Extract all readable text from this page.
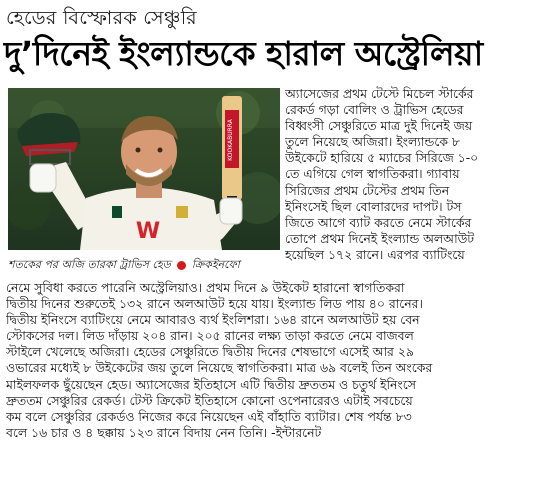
হেডের বিস্ফোরক সেঞ্চুরি
দু’দিনেই ইংল্যান্ডকে হারাল অস্ট্রেলিয়া
KOOKABURRA
W
শতকের পর অজি তারকা ট্রাভিস হেড ক্রিকইনফো
অ্যাসেজের প্রথম টেস্টে মিচেল স্টার্কের
রেকর্ড গড়া বোলিং ও ট্রাভিস হেডের
বিধ্বংসী সেঞ্চুরিতে মাত্র দুই দিনেই জয়
তুলে নিয়েছে অজিরা। ইংল্যান্ডকে ৮
উইকেটে হারিয়ে ৫ ম্যাচের সিরিজে ১-০
তে এগিয়ে গেল স্বাগতিকরা। গ্যাবায়
সিরিজের প্রথম টেস্টের প্রথম তিন
ইনিংসেই ছিল বোলারদের দাপট। টস
জিতে আগে ব্যাট করতে নেমে স্টার্কের
তোপে প্রথম দিনেই ইংল্যান্ড অলআউট
হয়েছিল ১৭২ রানে। এরপর ব্যাটিংয়ে
নেমে সুবিধা করতে পারেনি অস্ট্রেলিয়াও। প্রথম দিনে ৯ উইকেট হারানো স্বাগতিকরা
দ্বিতীয় দিনের শুরুতেই ১৩২ রানে অলআউট হয়ে যায়। ইংল্যান্ড লিড পায় ৪০ রানের।
দ্বিতীয় ইনিংসে ব্যাটিংয়ে নেমে আবারও ব্যর্থ ইংলিশরা। ১৬৪ রানে অলআউট হয় বেন
স্টোকসের দল। লিড দাঁড়ায় ২০৪ রান। ২০৫ রানের লক্ষ্য তাড়া করতে নেমে বাজবল
স্টাইলে খেলেছে অজিরা। হেডের সেঞ্চুরিতে দ্বিতীয় দিনের শেষভাগে এসেই আর ২৯
ওভারের মধ্যেই ৮ উইকেটের জয় তুলে নিয়েছে স্বাগতিকরা। মাত্র ৬৯ বলেই তিন অংকের
মাইলফলক ছুঁয়েছেন হেড। অ্যাসেজের ইতিহাসে এটি দ্বিতীয় দ্রুততম ও চতুর্থ ইনিংসে
দ্রুততম সেঞ্চুরির রেকর্ড। টেস্ট ক্রিকেট ইতিহাসে কোনো ওপেনারেরও এটাই সবচেয়ে
কম বলে সেঞ্চুরির রেকর্ডও নিজের করে নিয়েছেন এই বাঁহাতি ব্যাটার। শেষ পর্যন্ত ৮৩
বলে ১৬ চার ও ৪ ছক্কায় ১২৩ রানে বিদায় নেন তিনি। -ইন্টারনেট
